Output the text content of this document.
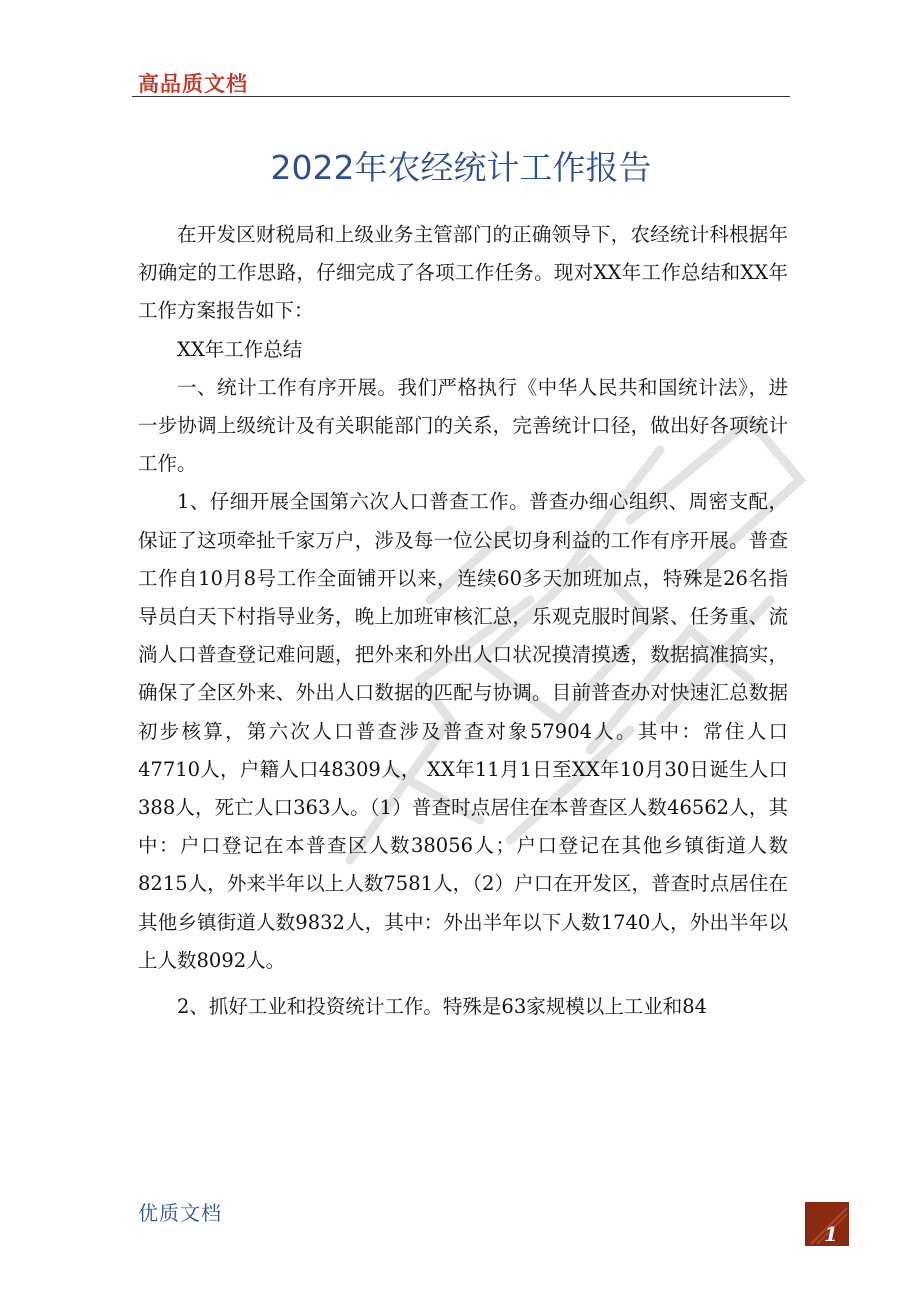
高品质文档
2022年农经统计工作报告

在开发区财税局和上级业务主管部门的正确领导下，农经统计科根据年初确定的工作思路，仔细完成了各项工作任务。现对XX年工作总结和XX年工作方案报告如下：

XX年工作总结

一、统计工作有序开展。我们严格执行《中华人民共和国统计法》，进一步协调上级统计及有关职能部门的关系，完善统计口径，做出好各项统计工作。

1、仔细开展全国第六次人口普查工作。普查办细心组织、周密支配，保证了这项牵扯千家万户，涉及每一位公民切身利益的工作有序开展。普查工作自10月8号工作全面铺开以来，连续60多天加班加点，特殊是26名指导员白天下村指导业务，晚上加班审核汇总，乐观克服时间紧、任务重、流淌人口普查登记难问题，把外来和外出人口状况摸清摸透，数据搞准搞实，确保了全区外来、外出人口数据的匹配与协调。目前普查办对快速汇总数据初步核算，第六次人口普查涉及普查对象57904人。其中：常住人口47710人，户籍人口48309人， XX年11月1日至XX年10月30日诞生人口388人，死亡人口363人。（1）普查时点居住在本普查区人数46562人，其中：户口登记在本普查区人数38056人；户口登记在其他乡镇街道人数8215人，外来半年以上人数7581人，（2）户口在开发区，普查时点居住在其他乡镇街道人数9832人，其中：外出半年以下人数1740人，外出半年以上人数8092人。

2、抓好工业和投资统计工作。特殊是63家规模以上工业和84

优质文档
1
